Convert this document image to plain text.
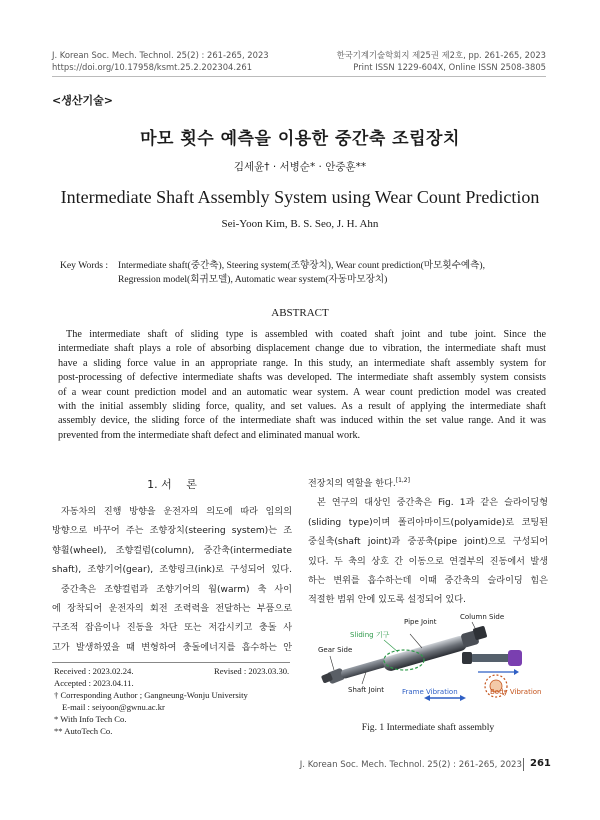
J. Korean Soc. Mech. Technol. 25(2) : 261-265, 2023
https://doi.org/10.17958/ksmt.25.2.202304.261
한국기계기술학회지 제25권 제2호, pp. 261-265, 2023
Print ISSN 1229-604X, Online ISSN 2508-3805
<생산기술>
마모 횟수 예측을 이용한 중간축 조립장치
김세윤† · 서병순* · 안중훈**
Intermediate Shaft Assembly System using Wear Count Prediction
Sei-Yoon Kim, B. S. Seo, J. H. Ahn
Key Words :	Intermediate shaft(중간축), Steering system(조향장치), Wear count prediction(마모횟수예측),
Regression model(회귀모델), Automatic wear system(자동마모장치)
ABSTRACT
The intermediate shaft of sliding type is assembled with coated shaft joint and tube joint. Since the
intermediate shaft plays a role of absorbing displacement change due to vibration, the intermediate shaft must
have a sliding force value in an appropriate range. In this study, an intermediate shaft assembly system for
post-processing of defective intermediate shafts was developed. The intermediate shaft assembly system consists
of a wear count prediction model and an automatic wear system. A wear count prediction model was created
with the initial assembly sliding force, quality, and set values. As a result of applying the intermediate shaft
assembly device, the sliding force of the intermediate shaft was induced within the set value range. And it was
prevented from the intermediate shaft defect and eliminated manual work.
1. 서　 론
자동차의 진행 방향을 운전자의 의도에 따라 임의의
방향으로 바꾸어 주는 조향장치(steering system)는 조
향휠(wheel), 조향컬럼(column), 중간축(intermediate
shaft), 조향기어(gear), 조향링크(ink)로 구성되어 있다.
중간축은 조향컬럼과 조향기어의 웜(warm) 축 사이
에 장착되어 운전자의 회전 조력력을 전달하는 부품으로
구조적 잡음이나 진동을 차단 또는 저감시키고 충돌 사
고가 발생하였을 때 변형하여 충돌에너지를 흡수하는 안
Received : 2023.02.24.	Revised : 2023.03.30.
Accepted : 2023.04.11.
† Corresponding Author ; Gangneung-Wonju University
E-mail : seiyoon@gwnu.ac.kr
* With Info Tech Co.
** AutoTech Co.
전장치의 역할을 한다.[1,2]
본 연구의 대상인 중간축은 Fig. 1과 같은 슬라이딩형
(sliding type)이며 폴리아마이드(polyamide)로 코팅된
중실축(shaft joint)과 중공축(pipe joint)으로 구성되어
있다. 두 축의 상호 간 이동으로 연결부의 진동에서 발생
하는 변위를 흡수하는데 이때 중간축의 슬라이딩 힘은
적절한 범위 안에 있도록 설정되어 있다.
Pipe Joint
Column Side
Sliding 기구
Gear Side
Shaft Joint	Frame Vibration	Body Vibration
Fig. 1 Intermediate shaft assembly
J. Korean Soc. Mech. Technol. 25(2) : 261-265, 2023 261
